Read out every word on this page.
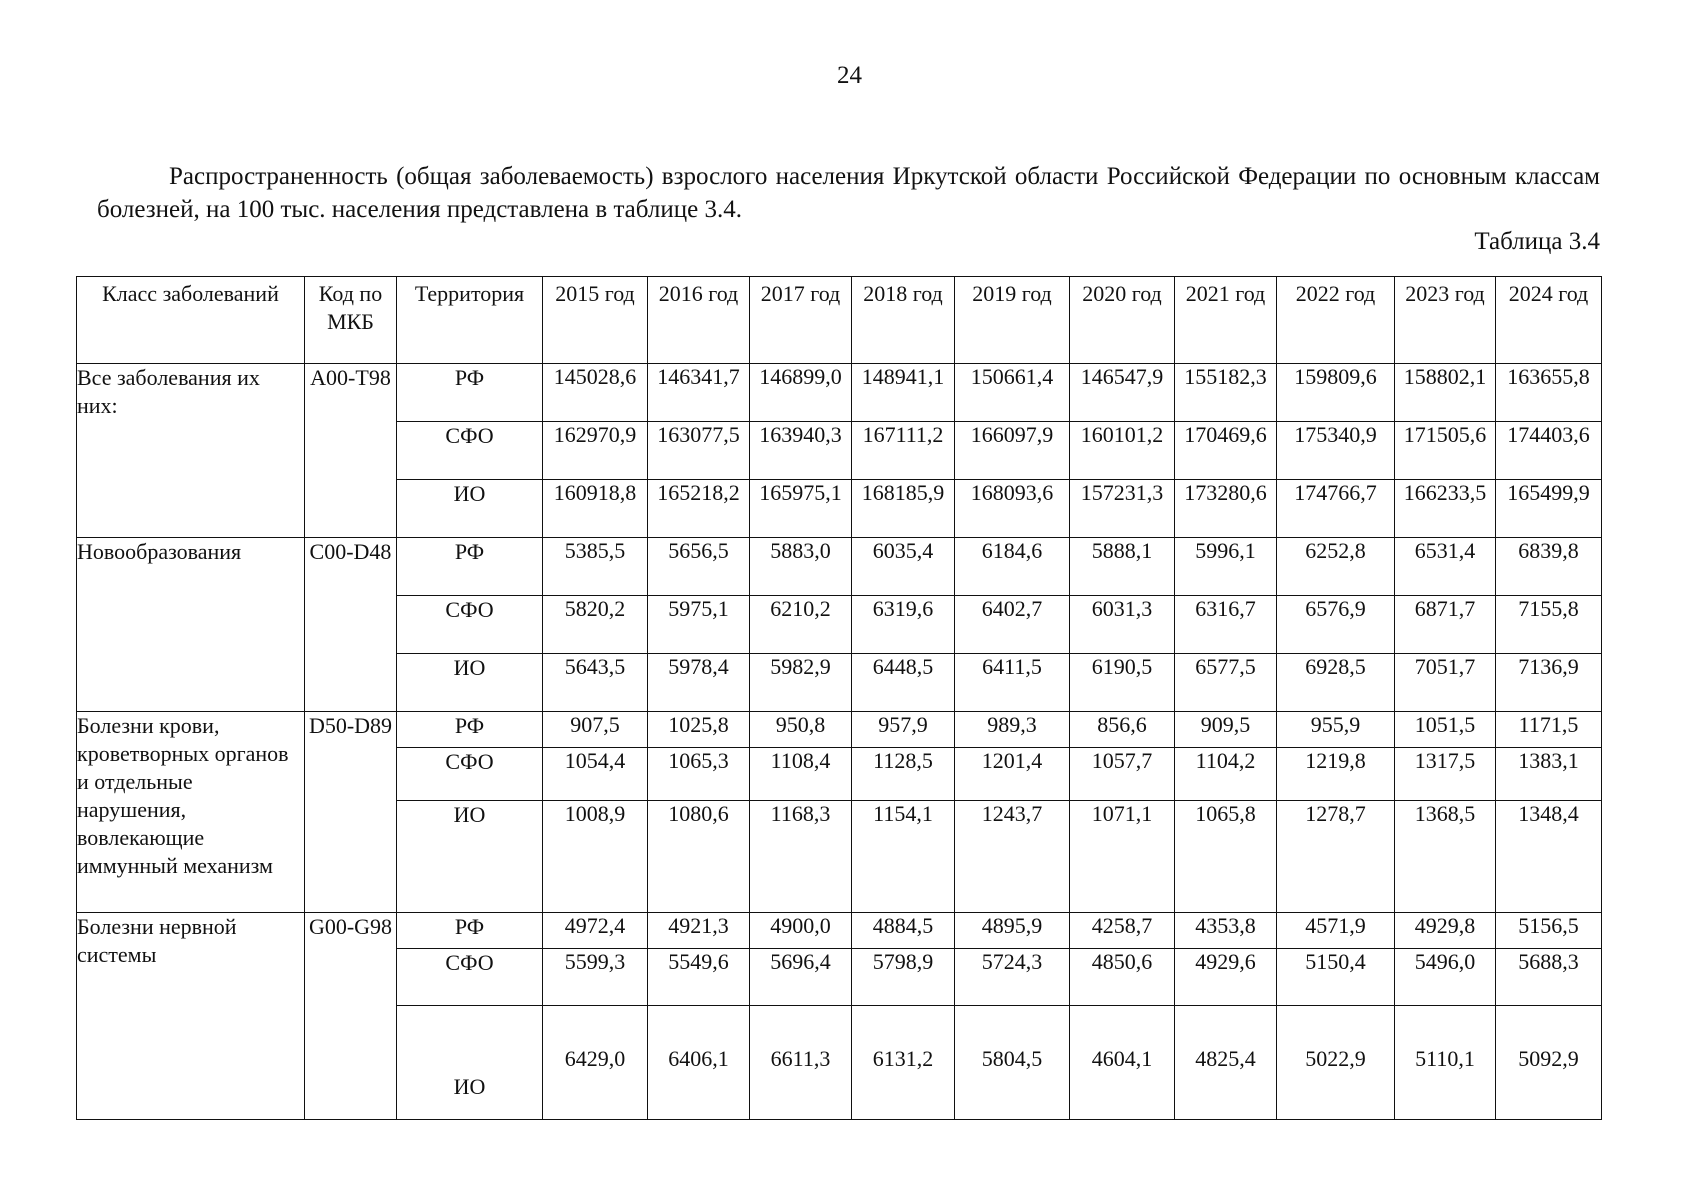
24
Распространенность (общая заболеваемость) взрослого населения Иркутской области Российской Федерации по основным классам болезней, на 100 тыс. населения представлена в таблице 3.4.
Таблица 3.4
Класс заболеваний	Код по МКБ	Территория	2015 год	2016 год	2017 год	2018 год	2019 год	2020 год	2021 год	2022 год	2023 год	2024 год
Все заболевания их них:	A00-T98	РФ	145028,6	146341,7	146899,0	148941,1	150661,4	146547,9	155182,3	159809,6	158802,1	163655,8
		СФО	162970,9	163077,5	163940,3	167111,2	166097,9	160101,2	170469,6	175340,9	171505,6	174403,6
		ИО	160918,8	165218,2	165975,1	168185,9	168093,6	157231,3	173280,6	174766,7	166233,5	165499,9
Новообразования	C00-D48	РФ	5385,5	5656,5	5883,0	6035,4	6184,6	5888,1	5996,1	6252,8	6531,4	6839,8
		СФО	5820,2	5975,1	6210,2	6319,6	6402,7	6031,3	6316,7	6576,9	6871,7	7155,8
		ИО	5643,5	5978,4	5982,9	6448,5	6411,5	6190,5	6577,5	6928,5	7051,7	7136,9
Болезни крови, кроветворных органов и отдельные нарушения, вовлекающие иммунный механизм	D50-D89	РФ	907,5	1025,8	950,8	957,9	989,3	856,6	909,5	955,9	1051,5	1171,5
		СФО	1054,4	1065,3	1108,4	1128,5	1201,4	1057,7	1104,2	1219,8	1317,5	1383,1
		ИО	1008,9	1080,6	1168,3	1154,1	1243,7	1071,1	1065,8	1278,7	1368,5	1348,4
Болезни нервной системы	G00-G98	РФ	4972,4	4921,3	4900,0	4884,5	4895,9	4258,7	4353,8	4571,9	4929,8	5156,5
		СФО	5599,3	5549,6	5696,4	5798,9	5724,3	4850,6	4929,6	5150,4	5496,0	5688,3
		ИО	6429,0	6406,1	6611,3	6131,2	5804,5	4604,1	4825,4	5022,9	5110,1	5092,9
